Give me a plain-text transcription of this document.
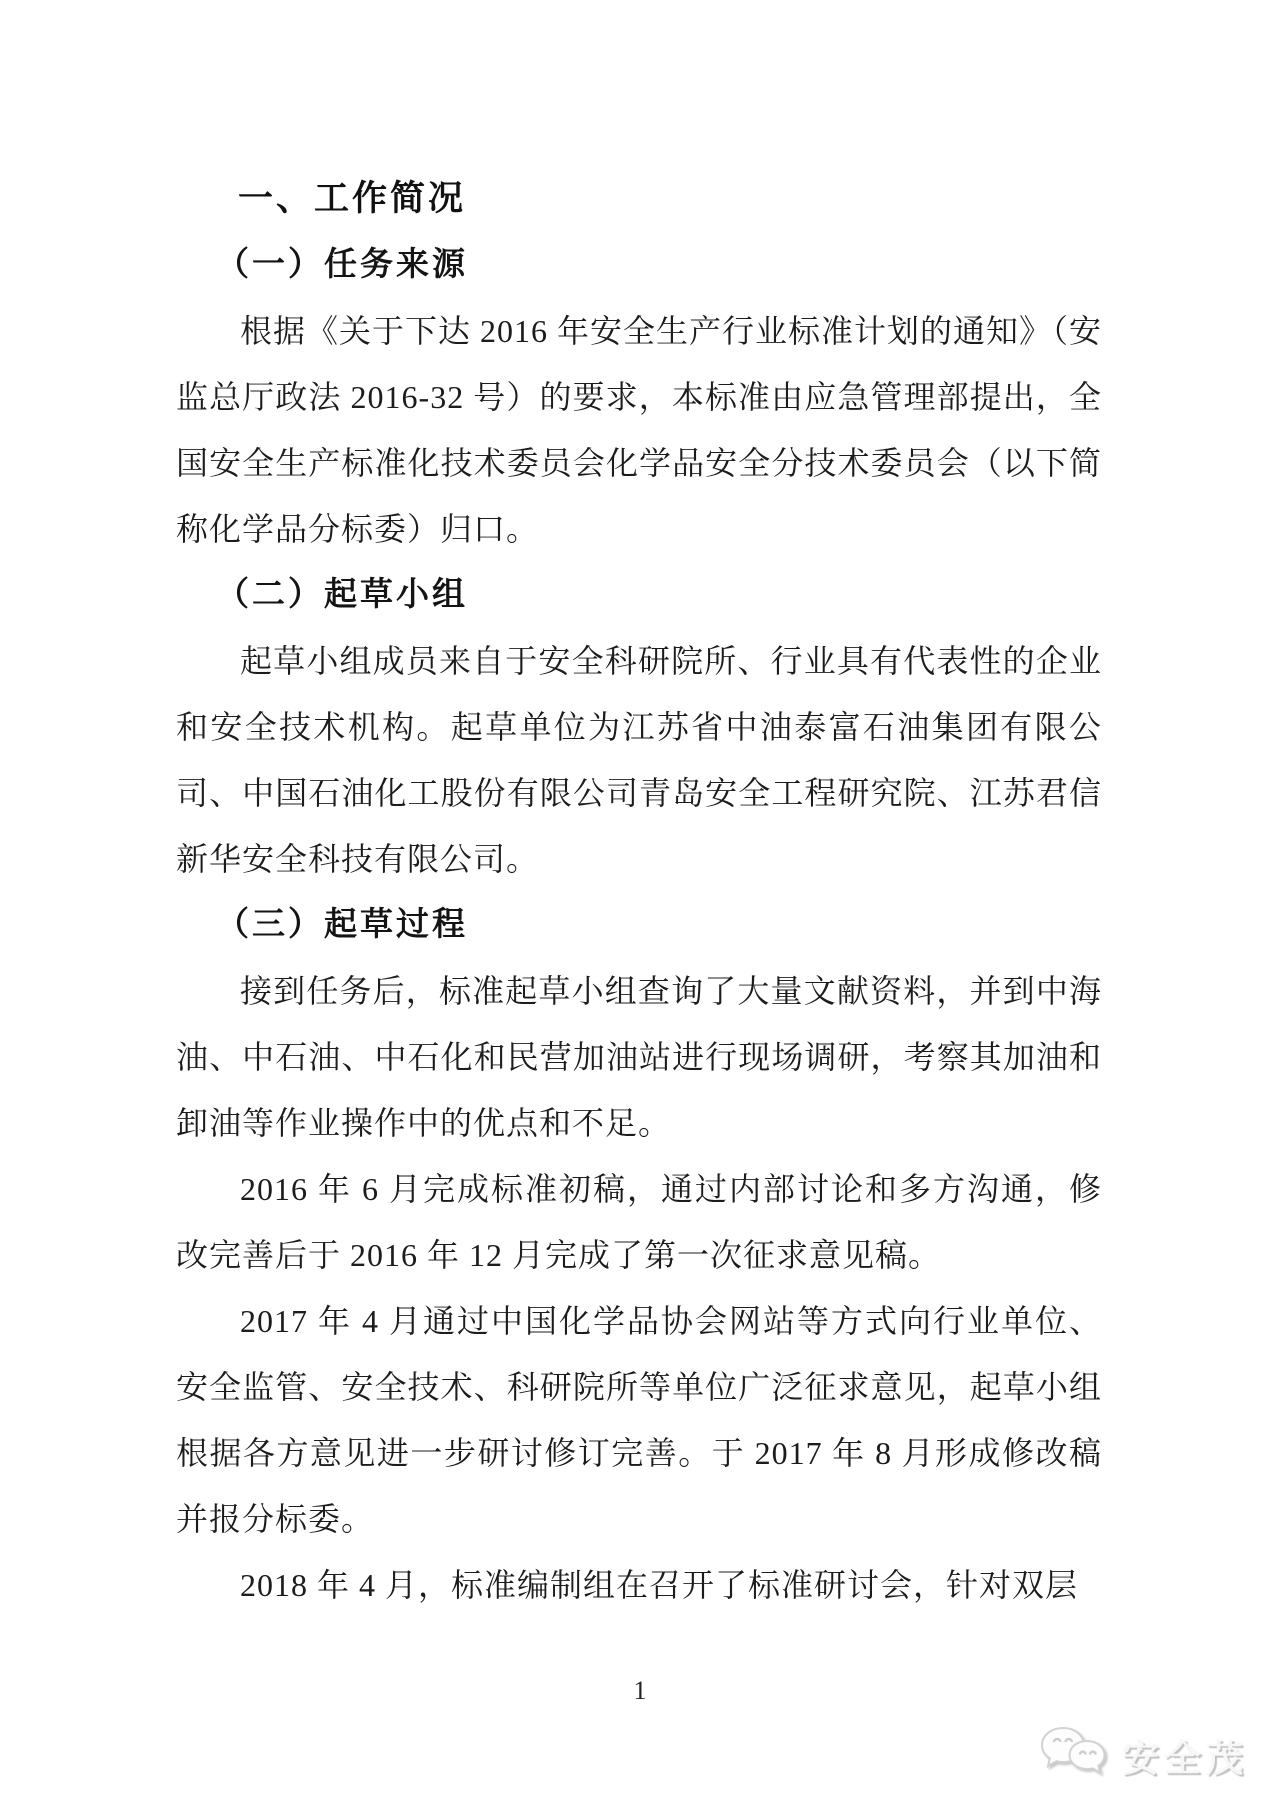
一、工作简况
（一）任务来源

根据《关于下达 2016 年安全生产行业标准计划的通知》（安监总厅政法 2016-32 号）的要求，本标准由应急管理部提出，全国安全生产标准化技术委员会化学品安全分技术委员会（以下简称化学品分标委）归口。

（二）起草小组

起草小组成员来自于安全科研院所、行业具有代表性的企业和安全技术机构。起草单位为江苏省中油泰富石油集团有限公司、中国石油化工股份有限公司青岛安全工程研究院、江苏君信新华安全科技有限公司。

（三）起草过程

接到任务后，标准起草小组查询了大量文献资料，并到中海油、中石油、中石化和民营加油站进行现场调研，考察其加油和卸油等作业操作中的优点和不足。

2016 年 6 月完成标准初稿，通过内部讨论和多方沟通，修改完善后于 2016 年 12 月完成了第一次征求意见稿。

2017 年 4 月通过中国化学品协会网站等方式向行业单位、安全监管、安全技术、科研院所等单位广泛征求意见，起草小组根据各方意见进一步研讨修订完善。于 2017 年 8 月形成修改稿并报分标委。

2018 年 4 月，标准编制组在召开了标准研讨会，针对双层

1
安全茂
